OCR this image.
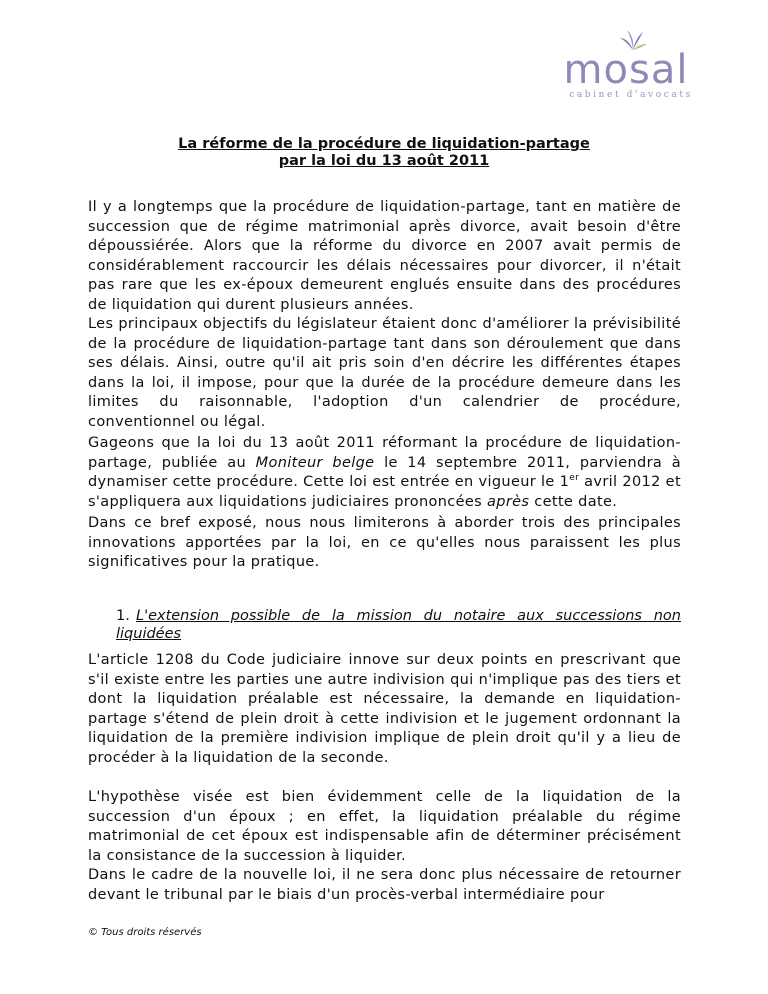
mosal
cabinet d'avocats
La réforme de la procédure de liquidation-partage
par la loi du 13 août 2011

Il y a longtemps que la procédure de liquidation-partage, tant en matière de succession que de régime matrimonial après divorce, avait besoin d'être dépoussiérée. Alors que la réforme du divorce en 2007 avait permis de considérablement raccourcir les délais nécessaires pour divorcer, il n'était pas rare que les ex-époux demeurent englués ensuite dans des procédures de liquidation qui durent plusieurs années.

Les principaux objectifs du législateur étaient donc d'améliorer la prévisibilité de la procédure de liquidation-partage tant dans son déroulement que dans ses délais. Ainsi, outre qu'il ait pris soin d'en décrire les différentes étapes dans la loi, il impose, pour que la durée de la procédure demeure dans les limites du raisonnable, l'adoption d'un calendrier de procédure, conventionnel ou légal.

Gageons que la loi du 13 août 2011 réformant la procédure de liquidation-partage, publiée au Moniteur belge le 14 septembre 2011, parviendra à dynamiser cette procédure. Cette loi est entrée en vigueur le 1er avril 2012 et s'appliquera aux liquidations judiciaires prononcées après cette date.

Dans ce bref exposé, nous nous limiterons à aborder trois des principales innovations apportées par la loi, en ce qu'elles nous paraissent les plus significatives pour la pratique.

1. L'extension possible de la mission du notaire aux successions non liquidées

L'article 1208 du Code judiciaire innove sur deux points en prescrivant que s'il existe entre les parties une autre indivision qui n'implique pas des tiers et dont la liquidation préalable est nécessaire, la demande en liquidation-partage s'étend de plein droit à cette indivision et le jugement ordonnant la liquidation de la première indivision implique de plein droit qu'il y a lieu de procéder à la liquidation de la seconde.

L'hypothèse visée est bien évidemment celle de la liquidation de la succession d'un époux ; en effet, la liquidation préalable du régime matrimonial de cet époux est indispensable afin de déterminer précisément la consistance de la succession à liquider.

Dans le cadre de la nouvelle loi, il ne sera donc plus nécessaire de retourner devant le tribunal par le biais d'un procès-verbal intermédiaire pour

© Tous droits réservés
